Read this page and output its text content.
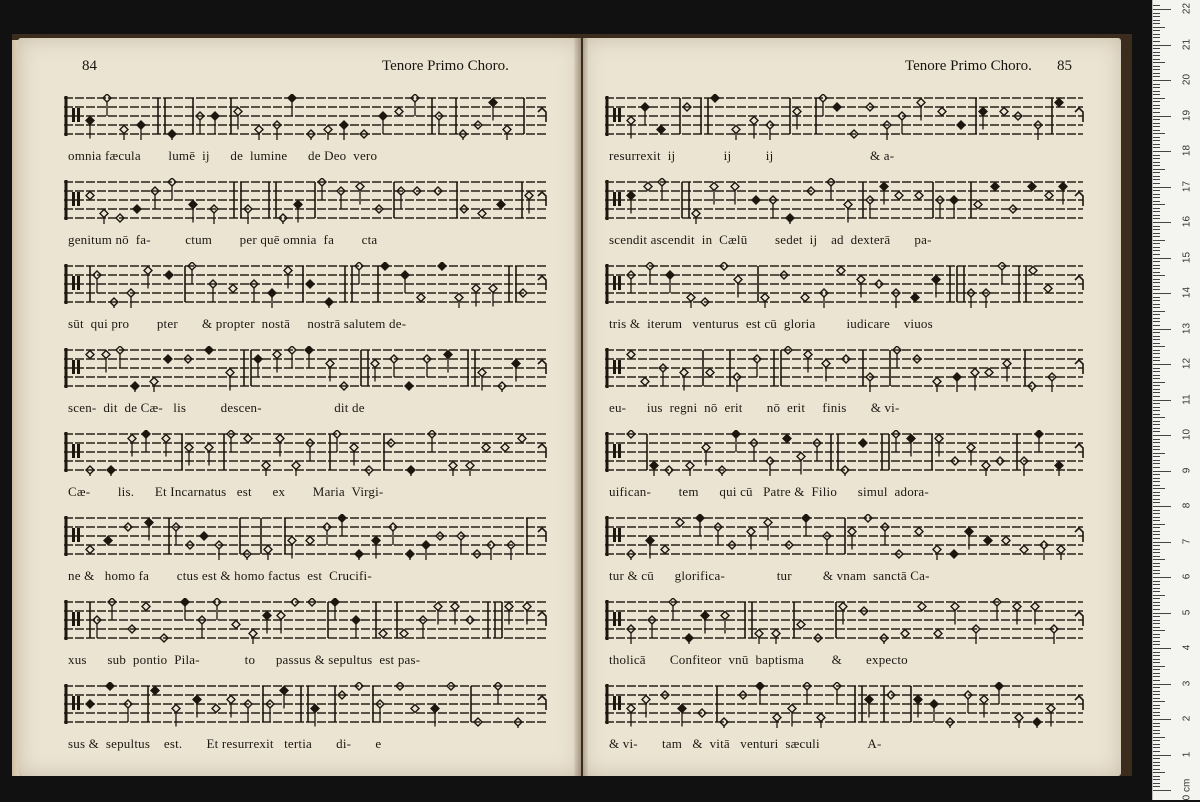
84	Tenore Primo Choro.
omnia fæcula        lumē  ij      de  lumine      de Deo  vero
genitum nō  fa-          ctum        per quē omnia  fa        cta
sūt  qui pro        pter       & propter  nostā     nostrā salutem de-
scen-  dit  de Cæ-   lis          descen-                     dit de
Cæ-        lis.      Et Incarnatus   est      ex        Maria  Virgi-
ne &   homo fa        ctus est & homo factus  est  Crucifi-
xus      sub  pontio  Pila-             to      passus & sepultus  est pas-
sus &  sepultus    est.       Et resurrexit   tertia       di-       e
Tenore Primo Choro. 85
resurrexit  ij              ij          ij                            & a-
scendit ascendit  in  Cælū        sedet  ij    ad  dexterā       pa-
tris &  iterum   venturus  est cū  gloria         iudicare    viuos
eu-      ius  regni  nō  erit       nō  erit     finis       & vi-
uifican-        tem      qui cū   Patre &  Filio      simul  adora-
tur & cū      glorifica-               tur         & vnam  sanctā Ca-
tholicā       Confiteor  vnū  baptisma        &       expecto
& vi-       tam   &  vitā   venturi  sæculi              A-
0 cm
1
2
3
4
5
6
7
8
9
10
11
12
13
14
15
16
17
18
19
20
21
22
